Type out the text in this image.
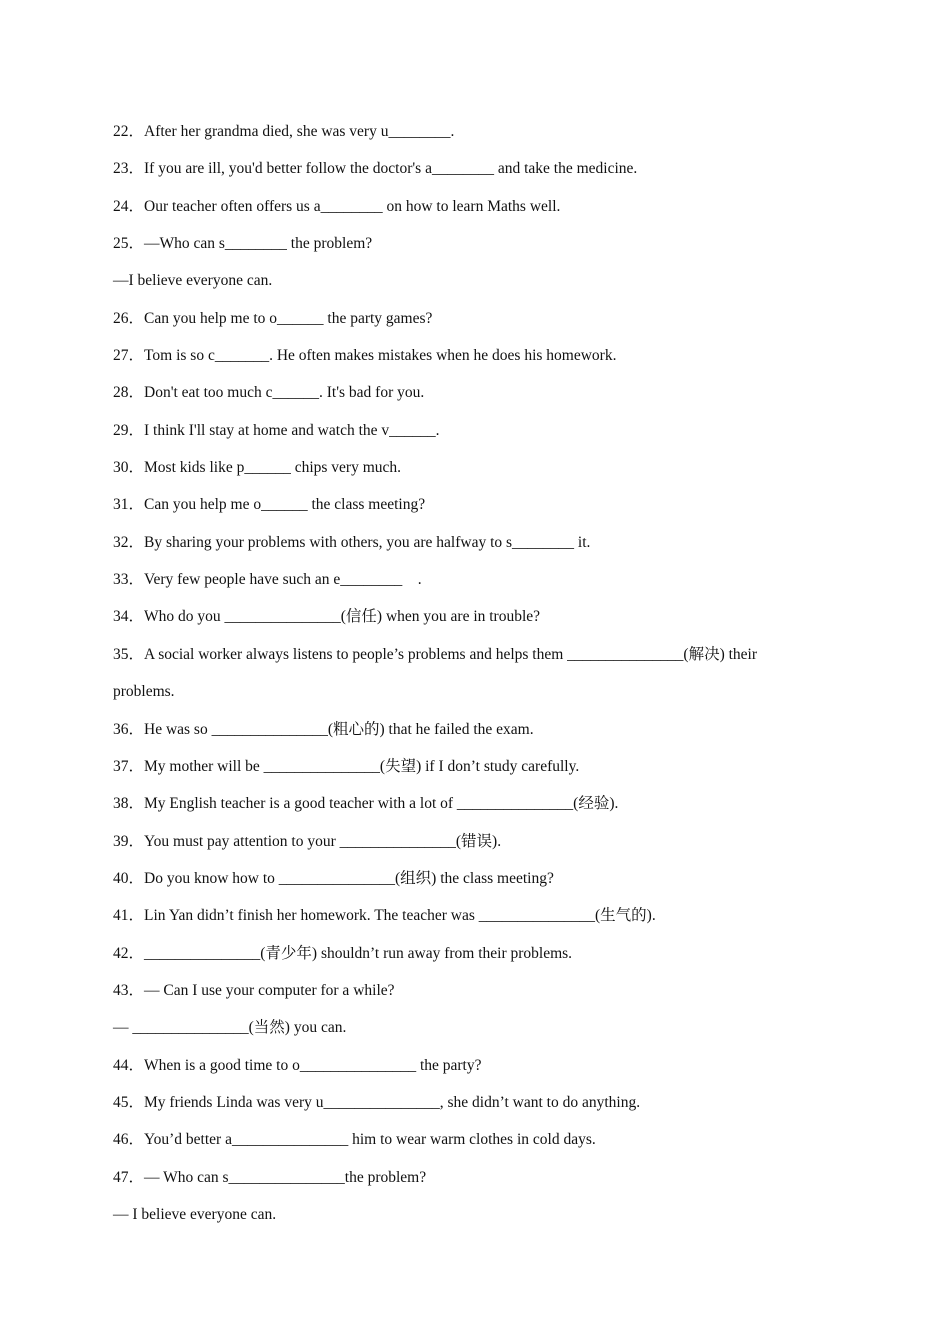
22．After her grandma died, she was very u________.
23．If you are ill, you'd better follow the doctor's a________ and take the medicine.
24．Our teacher often offers us a________ on how to learn Maths well.
25．—Who can s________ the problem?
—I believe everyone can.
26．Can you help me to o______ the party games?
27．Tom is so c_______. He often makes mistakes when he does his homework.
28．Don't eat too much c______. It's bad for you.
29．I think I'll stay at home and watch the v______.
30．Most kids like p______ chips very much.
31．Can you help me o______ the class meeting?
32．By sharing your problems with others, you are halfway to s________ it.
33．Very few people have such an e________    .
34．Who do you _______________(信任) when you are in trouble?
35．A social worker always listens to people’s problems and helps them _______________(解决) their
problems.
36．He was so _______________(粗心的) that he failed the exam.
37．My mother will be _______________(失望) if I don’t study carefully.
38．My English teacher is a good teacher with a lot of _______________(经验).
39．You must pay attention to your _______________(错误).
40．Do you know how to _______________(组织) the class meeting?
41．Lin Yan didn’t finish her homework. The teacher was _______________(生气的).
42．_______________(青少年) shouldn’t run away from their problems.
43．— Can I use your computer for a while?
— _______________(当然) you can.
44．When is a good time to o_______________ the party?
45．My friends Linda was very u_______________, she didn’t want to do anything.
46．You’d better a_______________ him to wear warm clothes in cold days.
47．— Who can s_______________the problem?
— I believe everyone can.
